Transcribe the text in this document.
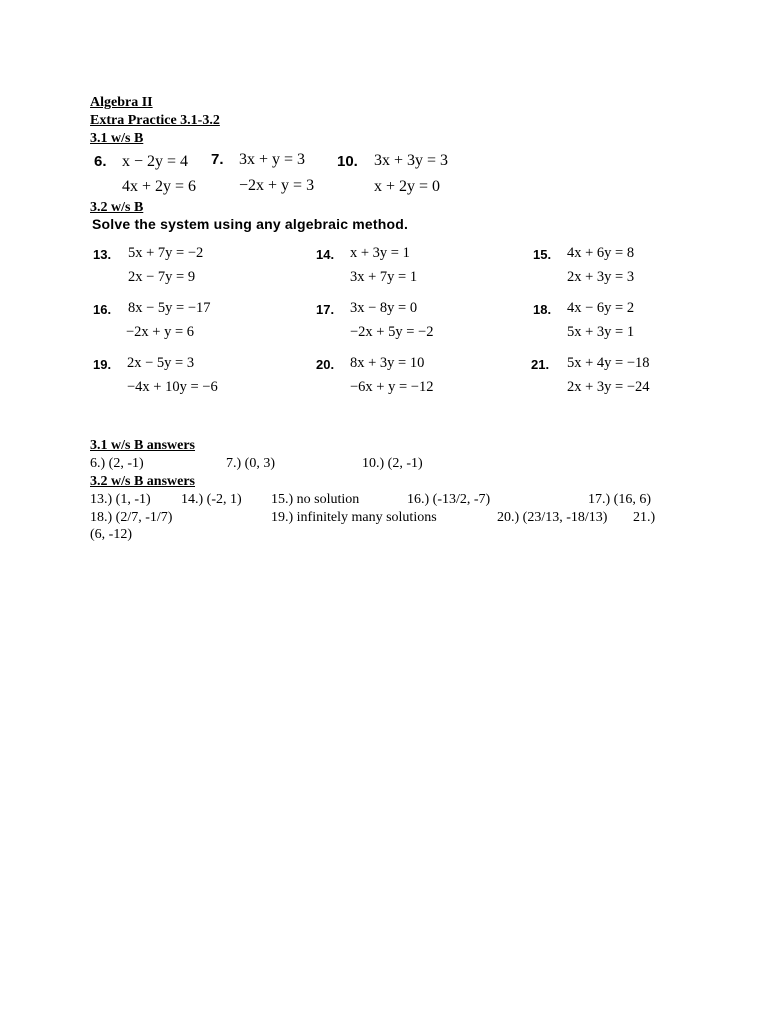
Algebra II
Extra Practice 3.1-3.2
3.1 w/s B
6. x − 2y = 4
4x + 2y = 6
7. 3x + y = 3
−2x + y = 3
10. 3x + 3y = 3
x + 2y = 0
3.2 w/s B
Solve the system using any algebraic method.
13. 5x + 7y = −2
2x − 7y = 9
14. x + 3y = 1
3x + 7y = 1
15. 4x + 6y = 8
2x + 3y = 3
16. 8x − 5y = −17
−2x + y = 6
17. 3x − 8y = 0
−2x + 5y = −2
18. 4x − 6y = 2
5x + 3y = 1
19. 2x − 5y = 3
−4x + 10y = −6
20. 8x + 3y = 10
−6x + y = −12
21. 5x + 4y = −18
2x + 3y = −24
3.1 w/s B answers
6.) (2, -1)	7.) (0, 3)	10.) (2, -1)
3.2 w/s B answers
13.) (1, -1) 14.) (-2, 1) 15.) no solution	16.) (-13/2, -7)	17.) (16, 6)
18.) (2/7, -1/7)	19.) infinitely many solutions	20.) (23/13, -18/13) 21.)
(6, -12)
